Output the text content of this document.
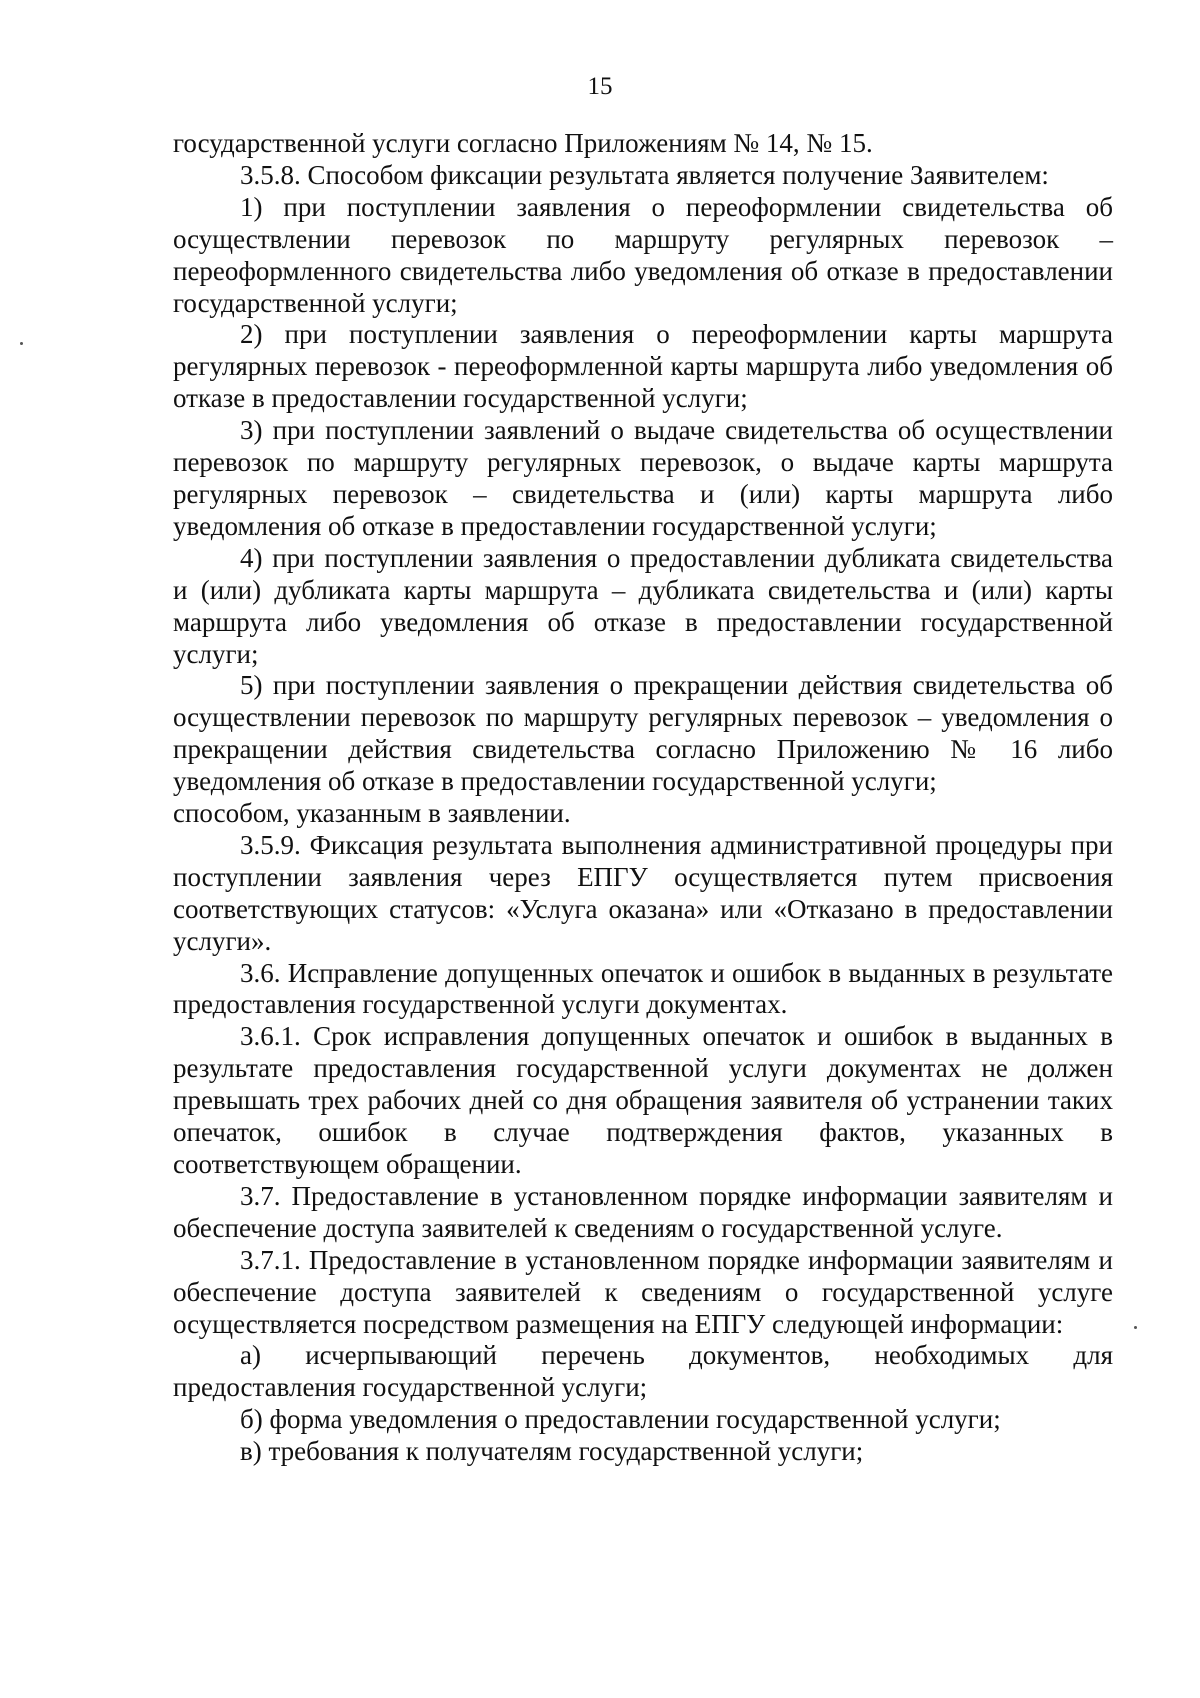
15

государственной услуги согласно Приложениям № 14, № 15.

3.5.8. Способом фиксации результата является получение Заявителем:

1) при поступлении заявления о переоформлении свидетельства об осуществлении перевозок по маршруту регулярных перевозок – переоформленного свидетельства либо уведомления об отказе в предоставлении государственной услуги;

2) при поступлении заявления о переоформлении карты маршрута регулярных перевозок - переоформленной карты маршрута либо уведомления об отказе в предоставлении государственной услуги;

3) при поступлении заявлений о выдаче свидетельства об осуществлении перевозок по маршруту регулярных перевозок, о выдаче карты маршрута регулярных перевозок – свидетельства и (или) карты маршрута либо уведомления об отказе в предоставлении государственной услуги;

4) при поступлении заявления о предоставлении дубликата свидетельства и (или) дубликата карты маршрута – дубликата свидетельства и (или) карты маршрута либо уведомления об отказе в предоставлении государственной услуги;

5) при поступлении заявления о прекращении действия свидетельства об осуществлении перевозок по маршруту регулярных перевозок – уведомления о прекращении действия свидетельства согласно Приложению № 16 либо уведомления об отказе в предоставлении государственной услуги;

способом, указанным в заявлении.

3.5.9. Фиксация результата выполнения административной процедуры при поступлении заявления через ЕПГУ осуществляется путем присвоения соответствующих статусов: «Услуга оказана» или «Отказано в предоставлении услуги».

3.6. Исправление допущенных опечаток и ошибок в выданных в результате предоставления государственной услуги документах.

3.6.1. Срок исправления допущенных опечаток и ошибок в выданных в результате предоставления государственной услуги документах не должен превышать трех рабочих дней со дня обращения заявителя об устранении таких опечаток, ошибок в случае подтверждения фактов, указанных в соответствующем обращении.

3.7. Предоставление в установленном порядке информации заявителям и обеспечение доступа заявителей к сведениям о государственной услуге.

3.7.1. Предоставление в установленном порядке информации заявителям и обеспечение доступа заявителей к сведениям о государственной услуге осуществляется посредством размещения на ЕПГУ следующей информации:

а) исчерпывающий перечень документов, необходимых для предоставления государственной услуги;

б) форма уведомления о предоставлении государственной услуги;

в) требования к получателям государственной услуги;
